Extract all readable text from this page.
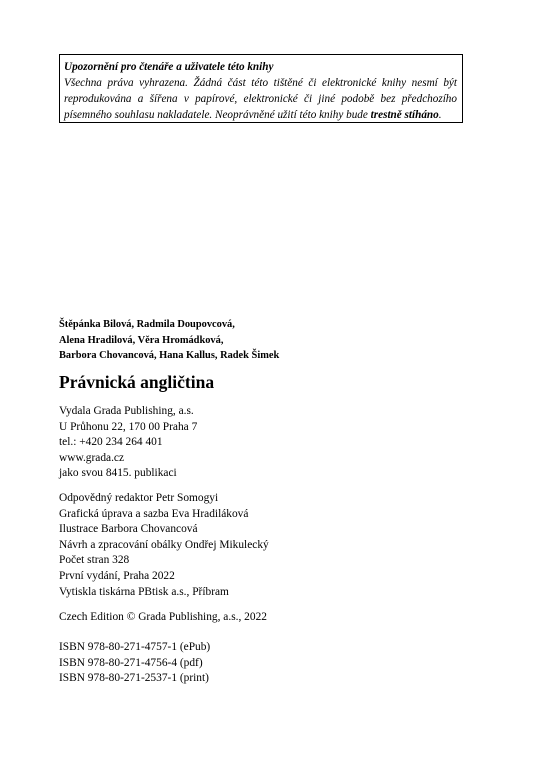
Upozornění pro čtenáře a uživatele této knihy
Všechna práva vyhrazena. Žádná část této tištěné či elektronické knihy nesmí být reprodukována a šířena v papírové, elektronické či jiné podobě bez předchozího písemného souhlasu nakladatele. Neoprávněné užití této knihy bude trestně stíháno.
Štěpánka Bilová, Radmila Doupovcová,
Alena Hradilová, Věra Hromádková,
Barbora Chovancová, Hana Kallus, Radek Šimek
Právnická angličtina
Vydala Grada Publishing, a.s.
U Průhonu 22, 170 00 Praha 7
tel.: +420 234 264 401
www.grada.cz
jako svou 8415. publikaci
Odpovědný redaktor Petr Somogyi
Grafická úprava a sazba Eva Hradiláková
Ilustrace Barbora Chovancová
Návrh a zpracování obálky Ondřej Mikulecký
Počet stran 328
První vydání, Praha 2022
Vytiskla tiskárna PBtisk a.s., Příbram
Czech Edition © Grada Publishing, a.s., 2022
ISBN 978-80-271-4757-1 (ePub)
ISBN 978-80-271-4756-4 (pdf)
ISBN 978-80-271-2537-1 (print)
